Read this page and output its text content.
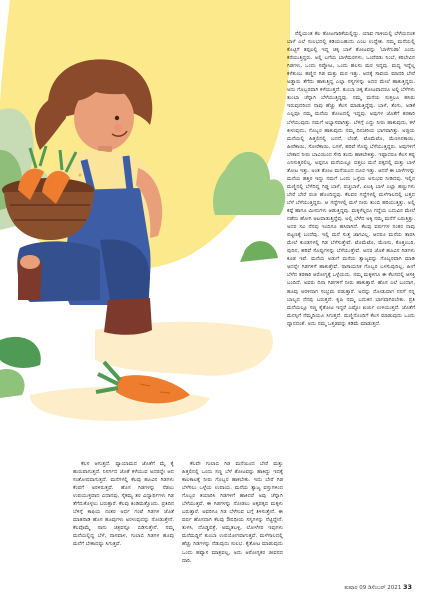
ನೆಲ್ಲಿಯಂತ ಕೆಲ ತೋಟಗಾರಿಕೆಯಲ್ಲಿದ್ದು. ಯಾವ ಗಾಳಿಯಲ್ಲಿ ಬೆಳೆಯದಂತ ಬಾಳೆ ಎಲೆ ಸುಲಭದಲ್ಲಿ ಕಡಿಯಬಹುದು ಎಂಬ ಉದ್ದೇಶ. ನಮ್ಮ ಮನೆಯಲ್ಲಿ ಕೊಟ್ಟಿಗೆ ತಪ್ಪಲಲ್ಲಿ ಇದ್ದ ಚಿಕ್ಕ ಬಾಳೆ ತೋಟವನ್ನು 'ಬಾಳೆಗುಡಾ' ಎಂದು ಕರೆಯುತ್ತಿದ್ದರು. ಅಲ್ಲಿ ಬಗೆಯ ಬಾಳೆಮರಗಳು, ಒಂದೆರಡು ನಿಂಬೆ, ಕರಿಬೇವಿನ ಗಿಡಗಳು, ಒಂದು ಸಪ್ಪೋಟ, ಒಂದು ಹಲಸು ಮರ ಇದ್ದವು. ಮಧ್ಯ ಇದ್ದೆಲ್ಲ ಕಳೆತುಂಬ ಹಣ್ಣಿನ ಗಿಡ ಮತ್ತು ಮರ ಇತ್ತು. ಅದಕ್ಕೆ ಸಾವಯ ಮಾದರಿ ಬೇರೆ ಅಡ್ಡಾರು ತೆಗೆದು ಹಾಕುತ್ತಿದ್ದ ಎಲ್ಲಾ ಸಸ್ಯಗಳನ್ನು ಅದರ ಮೇಲೆ ಹಾಕುತ್ತಿದ್ದರು. ಅದು ಗೊಬ್ಬರವಾಗಿ ಕಳೆಯುತ್ತದೆ. ತುಂಬಾ ಚಿಕ್ಕ ತೋಟವಾದರೂ ಅಲ್ಲಿ ಬೆಳೆಗಳು ತುಂಬಾ ಚೆನ್ನಾಗಿ ಬೆಳೆಯುತ್ತಿದ್ದವು. ನಮ್ಮ ಮನೆಯ ಸುತ್ತಲೂ ಹಸಿರು ಇರುವುದರಿಂದ ನಾವು ಹೆಚ್ಚು ಕೆಲಸ ಮಾಡುತ್ತಿದ್ದೆವು. ಬಾಳೆ, ತೆಂಗು, ಅಡಿಕೆ ಎಲ್ಲವೂ ನಮ್ಮ ಮನೆಯ ತೋಟದಲ್ಲಿ ಇದ್ದವು. ಅವುಗಳ ಜೊತೆಗೆ ತರಕಾರಿ ಬೆಳೆಯುವುದು ನಮಗೆ ಅಭ್ಯಾಸವಾಗಿತ್ತು. ಬೆಳಿಗ್ಗೆ ಎದ್ದು ನೀರು ಹಾಕುವುದು, ಕಳೆ ಕೀಳುವುದು, ಗೊಬ್ಬರ ಹಾಕುವುದು ನಮ್ಮ ದಿನಚರಿಯ ಭಾಗವಾಗಿತ್ತು. ಅಜ್ಜಿಯ ಮನೆಯಲ್ಲಿ ಹಿತ್ತಲಿನಲ್ಲಿ ಬದನೆ, ಬೆಂಡೆ, ಟೊಮೆಟೊ, ಮೆಣಸಿನಕಾಯಿ, ಹೀರೆಕಾಯಿ, ಸೋರೆಕಾಯಿ, ಬಸಳೆ, ಹರಿವೆ ಸೊಪ್ಪು ಬೆಳೆಯುತ್ತಿದ್ದರು. ಅವುಗಳಿಗೆ ಬೇಕಾದ ನೀರು ಬಾವಿಯಿಂದ ಸೇದಿ ತಂದು ಹಾಕಬೇಕಿತ್ತು. ಇಷ್ಟಾದರೂ ಕೆಲಸ ಕಷ್ಟ ಎನಿಸುತ್ತಿರಲಿಲ್ಲ. ಅಪ್ಪನೂ ಮನೆಯಲ್ಲೂ ಬಿತ್ತಲು ಮನೆ ಪಕ್ಕದಲ್ಲಿ ಮತ್ತು ಬಾಳೆ ತೋಟ ಇತ್ತು. ಅಂತ ತೋಟ ಮನೆಯಿಂದ ದೂರ ಇತ್ತು. ಆದರೆ ಈ ಬಾಳೆಗಳನ್ನು ಮನೆಯ ಹತ್ತಿರ ಇದ್ದು ನಮಗೆ ಒಂದು ಒಳ್ಳೆಯ ಅನುಭವ ನೀಡಿದವು. ಇಲ್ಲಿನ ಮಣ್ಣಿನಲ್ಲಿ ಬೆಳೆದಿದ್ದ ಗಿಡ್ಡ ಬಾಳೆ, ಪಚ್ಚಬಾಳೆ, ಏಲಕ್ಕಿ ಬಾಳೆ ಎಲ್ಲಾ ಹಣ್ಣುಗಳು ಬೇರೆ ಬೇರೆ ರುಚಿ ಹೊಂದಿದ್ದವು. ಕೆಲವರ ಗದ್ದೆಗಳಲ್ಲಿ ಮಳೆಗಾಲದಲ್ಲಿ ಬತ್ತದ ಬೆಳೆ ಬೆಳೆಯುತ್ತಿದ್ದರು. ಆ ಗದ್ದೆಗಳಲ್ಲಿ ಮಳೆ ನೀರು ತುಂಬಿ ಹರಿಯುತ್ತಿತ್ತು. ಅಲ್ಲಿ ಕಪ್ಪೆ ಹಾಗೂ ಮೀನುಗಳು ಆಡುತ್ತಿದ್ದವು. ಮಕ್ಕಳೆಲ್ಲರೂ ಗದ್ದೆಯ ಬದುವಿನ ಮೇಲೆ ನಡೆದು ಹೋಗಿ ಆಟವಾಡುತ್ತಿದ್ದೆವು. ಅಲ್ಲಿ ಬೆಳೆದ ಅಕ್ಕಿ ನಮ್ಮ ಮನೆಗೆ ಬರುತ್ತಿತ್ತು. ಅದರ ಸವಿ ನೆನಪು ಇಂದಿಗೂ ಹಸಿರಾಗಿದೆ. ಕೆಲವು ವರ್ಷಗಳ ನಂತರ ನಾವು ಪಟ್ಟಣಕ್ಕೆ ಬಂದೆವು. ಇಲ್ಲಿ ಮನೆ ಸುತ್ತ ಜಾಗವಿಲ್ಲ. ಆದರೂ ಮನೆಯ ತಾರಸಿ ಮೇಲೆ ಕುಂಡಗಳಲ್ಲಿ ಗಿಡ ಬೆಳೆಸುತ್ತೇವೆ. ಟೊಮೆಟೊ, ಮೆಣಸು, ಕೊತ್ತಂಬರಿ, ಪುದಿನ, ಹರಿವೆ ಸೊಪ್ಪುಗಳನ್ನು ಬೆಳೆಯುತ್ತೇವೆ. ಅದರ ಜೊತೆ ಹೂವಿನ ಗಿಡಗಳು ಕೂಡ ಇವೆ. ಮನೆಯ ಅಡುಗೆ ಮನೆಯ ತ್ಯಾಜ್ಯವನ್ನು ಗೊಬ್ಬರವಾಗಿ ಮಾಡಿ ಅದನ್ನೇ ಗಿಡಗಳಿಗೆ ಹಾಕುತ್ತೇವೆ. ರಾಸಾಯನಿಕ ಗೊಬ್ಬರ ಬಳಸುವುದಿಲ್ಲ. ಹೀಗೆ ಬೆಳೆದ ತರಕಾರಿ ಆರೋಗ್ಯಕ್ಕೆ ಒಳ್ಳೆಯದು. ನಮ್ಮ ಮಕ್ಕಳಿಗೂ ಈ ಕೆಲಸದಲ್ಲಿ ಆಸಕ್ತಿ ಬಂದಿದೆ. ಅವರು ದಿನಾ ಗಿಡಗಳಿಗೆ ನೀರು ಹಾಕುತ್ತಾರೆ. ಹೊಸ ಎಲೆ ಬಂದಾಗ, ಹೂವು ಅರಳಿದಾಗ ಸಂಭ್ರಮ ಪಡುತ್ತಾರೆ. ಅದನ್ನು ನೋಡುವಾಗ ನನಗೆ ನನ್ನ ಬಾಲ್ಯದ ನೆನಪು ಬರುತ್ತದೆ. ಕೃಷಿ ನಮ್ಮ ಬದುಕಿನ ಭಾಗವಾಗಿರಬೇಕು. ಪ್ರತಿ ಮನೆಯಲ್ಲೂ ಸಣ್ಣ ಕೈತೋಟ ಇದ್ದರೆ ಎಷ್ಟೋ ಖರ್ಚು ಉಳಿಯುತ್ತದೆ. ಜೊತೆಗೆ ಮನಸ್ಸಿಗೆ ನೆಮ್ಮದಿಯೂ ಸಿಗುತ್ತದೆ. ಮಣ್ಣಿನೊಂದಿಗೆ ಕೆಲಸ ಮಾಡುವುದು ಒಂದು ಧ್ಯಾನದಂತೆ. ಅದು ನಮ್ಮ ಒತ್ತಡವನ್ನು ಕಡಿಮೆ ಮಾಡುತ್ತದೆ.

ಕೆಲಸ ಆಗುತ್ತದೆ. ವ್ಯಾಯಾಮದ ಜೊತೆಗೆ ಮೈ ಕೈ ಹುರುಪಾಗುತ್ತದೆ. ನಿಸರ್ಗದ ಜೊತೆ ಕಳೆಯುವ ಅದರದ್ದೇ ಆದ ಸಂತೋಷವಾಗುತ್ತದೆ. ಮನೆಗಳಲ್ಲಿ ಕೆಲವು ಹೂವಿನ ಗಿಡಗಳು ಕೆಂಪಗೆ ಅರಳಿರುತ್ತವೆ. ಹೊಸ ಗಿಡಗಳನ್ನು ನೆಡಲು ಉಪಯುಕ್ತವಾದ ವಿಧಾನವು, ಸೈಕಮ್ಯ ತರ ವಿದ್ಯಾರ್ಥಿಗಳು ಗಿಡ ತೆಗೆದುಕೊಳ್ಳಲು ಬರುತ್ತಾರೆ. ಕೆಲವು ತಿಂಡಿಮತ್ತೊಂದು. ಪ್ರತಿದಿನ ಬೆಳಿಗ್ಗೆ ಕಾಫಿಯ ನಂತರ ಅರ್ಧ ಗಂಟೆ ಗಿಡಗಳ ಜೊತೆ ಮಾತನಾಡಿ ಹೊಸ ಹೂವುಗಳು ಅರಳುವುದನ್ನು ನೋಡುತ್ತೇನೆ. ಕೆಲವೊಮ್ಮೆ ನಾನು ಚಿತ್ರವನ್ನೂ ಬಿಡಿಸುತ್ತೇನೆ. ನಮ್ಮ ಮನೆಯಲ್ಲಿದ್ದ ಬೆಳೆ, ದಾಸವಾಳ, ಗುಲಾಬಿ ಗಿಡಗಳ ಹೂವು ಮನೆಗೆ ಬೇಕಾದಷ್ಟು ಸಿಗುತ್ತವೆ.

ಕೆಲವೇ ಗುಲಾಬಿ ಗಿಡ ಮನೆಯಿಂದ ಬೇರೆ ಮತ್ತು ಹಿತ್ತಲಿನಲ್ಲಿ ಒಂದು ಸಣ್ಣ ಬೆಳೆ ತೋಟವನ್ನು ಹಾಕಿದ್ದು ಇದಕ್ಕೆ ಕಾಲಕಾಲಕ್ಕೆ ನೀರು ಗೊಬ್ಬರ ಹಾಕಬೇಕು. ಇದು ಬೇರೆ ಗಿಡ ಬೆಳೆಸಲು ಒಳ್ಳೆಯ ಉಪಾಯ. ಮನೆಯ ತ್ಯಾಜ್ಯ ವಸ್ತುಗಳಿಂದ ಗೊಬ್ಬರ ತಯಾರಿಸಿ ಗಿಡಗಳಿಗೆ ಹಾಕಿದರೆ ಅವು ಚೆನ್ನಾಗಿ ಬೆಳೆಯುತ್ತವೆ. ಈ ಗಿಡಗಳನ್ನು ನೋಡಲು ಅಕ್ಕಪಕ್ಕದ ಮಕ್ಕಳು ಬರುತ್ತಾರೆ. ಅವರಿಗೂ ಗಿಡ ಬೆಳೆಸುವ ಬಗ್ಗೆ ತಿಳಿಸುತ್ತೇನೆ. ಈ ವರ್ಷ ಹೊಸದಾಗಿ ಕೆಲವು ಔಷಧೀಯ ಸಸ್ಯಗಳನ್ನು ನೆಟ್ಟಿದ್ದೇನೆ. ತುಳಸಿ, ದೊಡ್ಡಪತ್ರೆ, ಅಮೃತಬಳ್ಳಿ, ಲೋಳೆಸರ ಇವುಗಳು ಮನೆಮದ್ದಿಗೆ ತುಂಬಾ ಉಪಯೋಗವಾಗುತ್ತವೆ. ಮಳೆಗಾಲದಲ್ಲಿ ಹೆಚ್ಚು ಗಿಡಗಳನ್ನು ನೆಡುವುದು ಸುಲಭ. ಕೈತೋಟ ಮಾಡುವುದು ಒಂದು ಹವ್ಯಾಸ ಮಾತ್ರವಲ್ಲ, ಅದು ಆರೋಗ್ಯಕರ ಜೀವನದ ದಾರಿ.

ತುಷಾರ 09 ಡಿಸೆಂಬರ್ 2021 33
